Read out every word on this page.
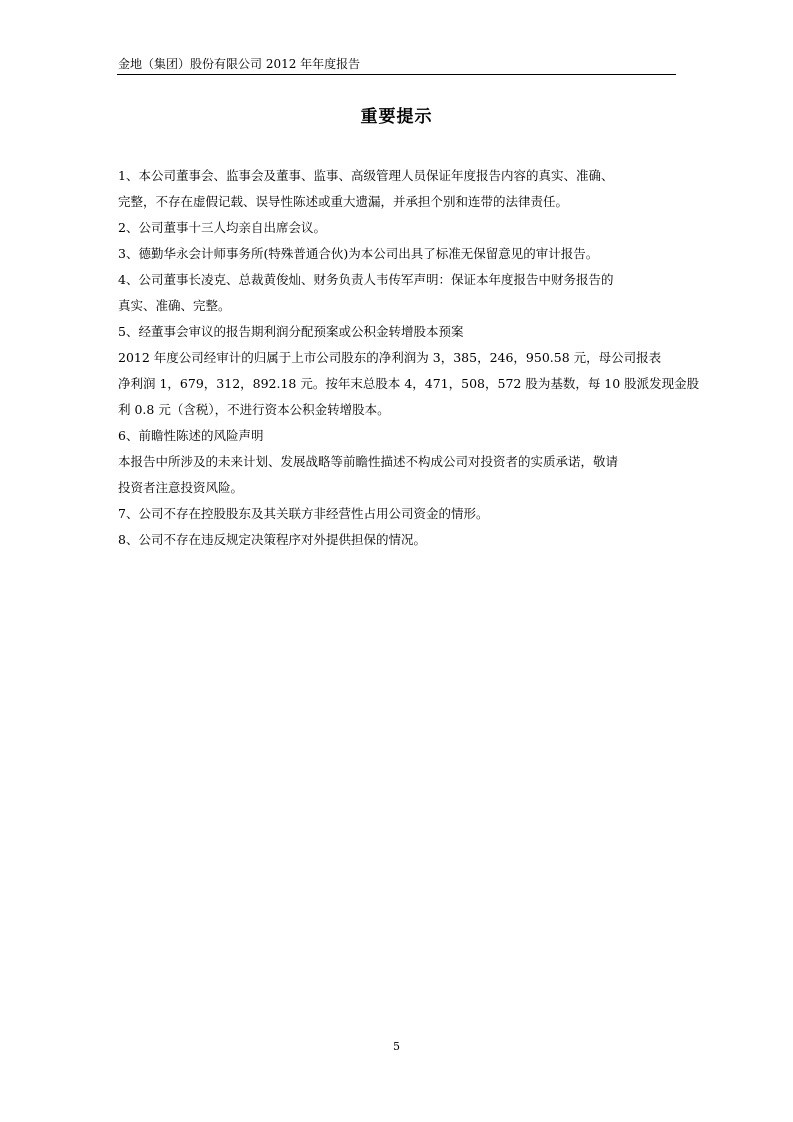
金地（集团）股份有限公司 2012 年年度报告
重要提示
1、本公司董事会、监事会及董事、监事、高级管理人员保证年度报告内容的真实、准确、
完整，不存在虚假记载、误导性陈述或重大遗漏，并承担个别和连带的法律责任。
2、公司董事十三人均亲自出席会议。
3、德勤华永会计师事务所(特殊普通合伙)为本公司出具了标准无保留意见的审计报告。
4、公司董事长凌克、总裁黄俊灿、财务负责人韦传军声明：保证本年度报告中财务报告的
真实、准确、完整。
5、经董事会审议的报告期利润分配预案或公积金转增股本预案
2012 年度公司经审计的归属于上市公司股东的净利润为 3，385，246，950.58 元，母公司报表
净利润 1，679，312，892.18 元。按年末总股本 4，471，508，572 股为基数，每 10 股派发现金股
利 0.8 元（含税），不进行资本公积金转增股本。
6、前瞻性陈述的风险声明
本报告中所涉及的未来计划、发展战略等前瞻性描述不构成公司对投资者的实质承诺，敬请
投资者注意投资风险。
7、公司不存在控股股东及其关联方非经营性占用公司资金的情形。
8、公司不存在违反规定决策程序对外提供担保的情况。
5
